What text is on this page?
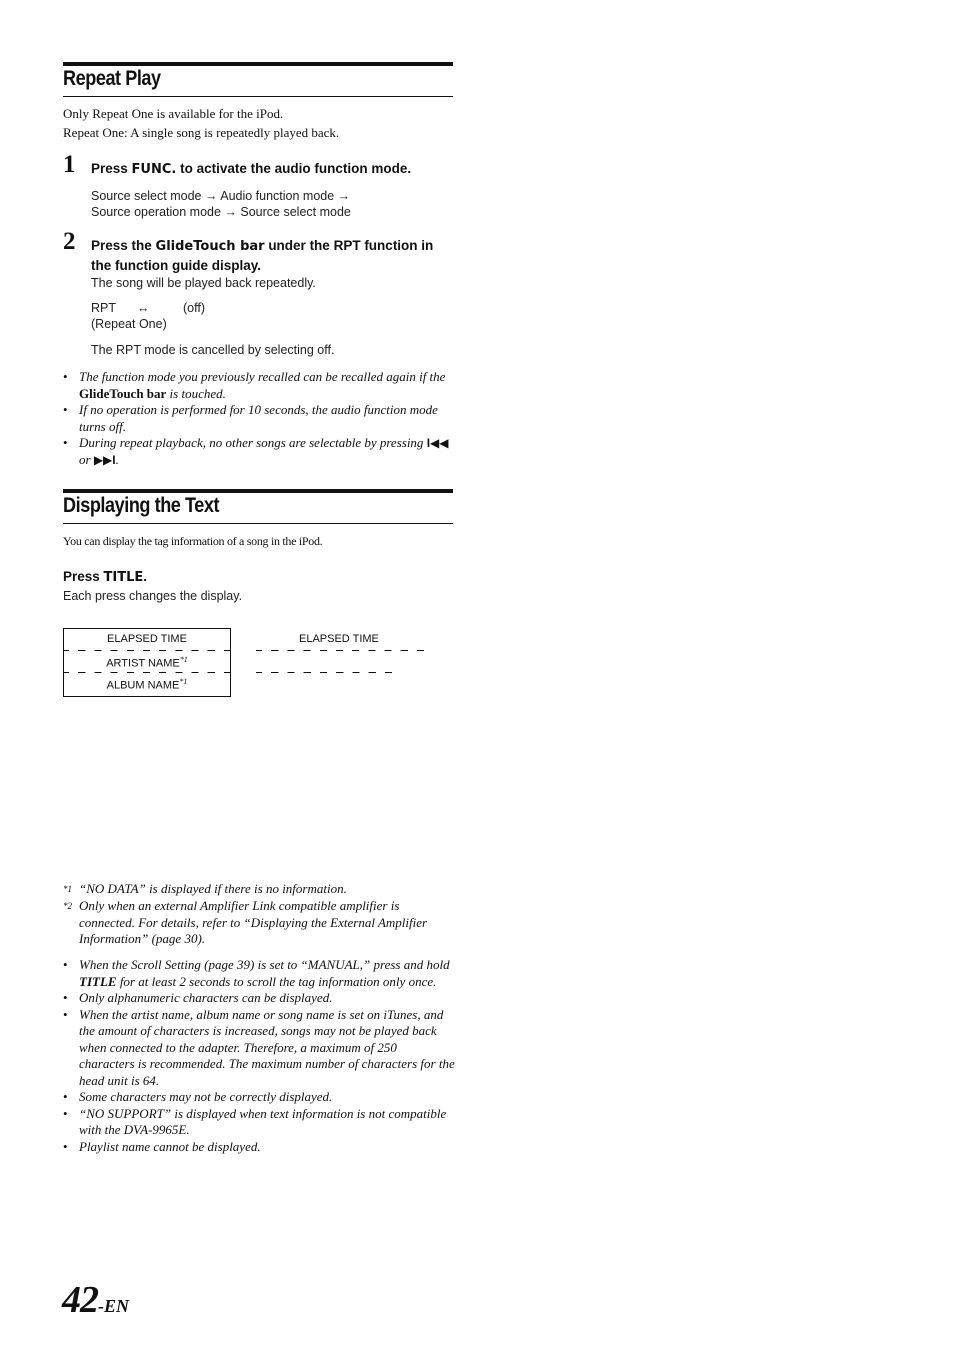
Repeat Play
Only Repeat One is available for the iPod.
Repeat One: A single song is repeatedly played back.
1 Press FUNC. to activate the audio function mode.
Source select mode → Audio function mode →
Source operation mode → Source select mode
2 Press the GlideTouch bar under the RPT function in the function guide display.
The song will be played back repeatedly.
RPT ↔	(off)
(Repeat One)
The RPT mode is cancelled by selecting off.
• The function mode you previously recalled can be recalled again if the GlideTouch bar is touched.
• If no operation is performed for 10 seconds, the audio function mode turns off.
• During repeat playback, no other songs are selectable by pressing I◀◀ or ▶▶I.
Displaying the Text
You can display the tag information of a song in the iPod.
Press TITLE.
Each press changes the display.
ELAPSED TIME
ARTIST NAME$^{*1}$
ALBUM NAME$^{*1}$
ELAPSED TIME
*1 “NO DATA” is displayed if there is no information.
*2 Only when an external Amplifier Link compatible amplifier is connected. For details, refer to “Displaying the External Amplifier Information” (page 30).
• When the Scroll Setting (page 39) is set to “MANUAL,” press and hold TITLE for at least 2 seconds to scroll the tag information only once.
• Only alphanumeric characters can be displayed.
• When the artist name, album name or song name is set on iTunes, and the amount of characters is increased, songs may not be played back when connected to the adapter. Therefore, a maximum of 250 characters is recommended. The maximum number of characters for the head unit is 64.
• Some characters may not be correctly displayed.
• “NO SUPPORT” is displayed when text information is not compatible with the DVA-9965E.
• Playlist name cannot be displayed.
42-EN
